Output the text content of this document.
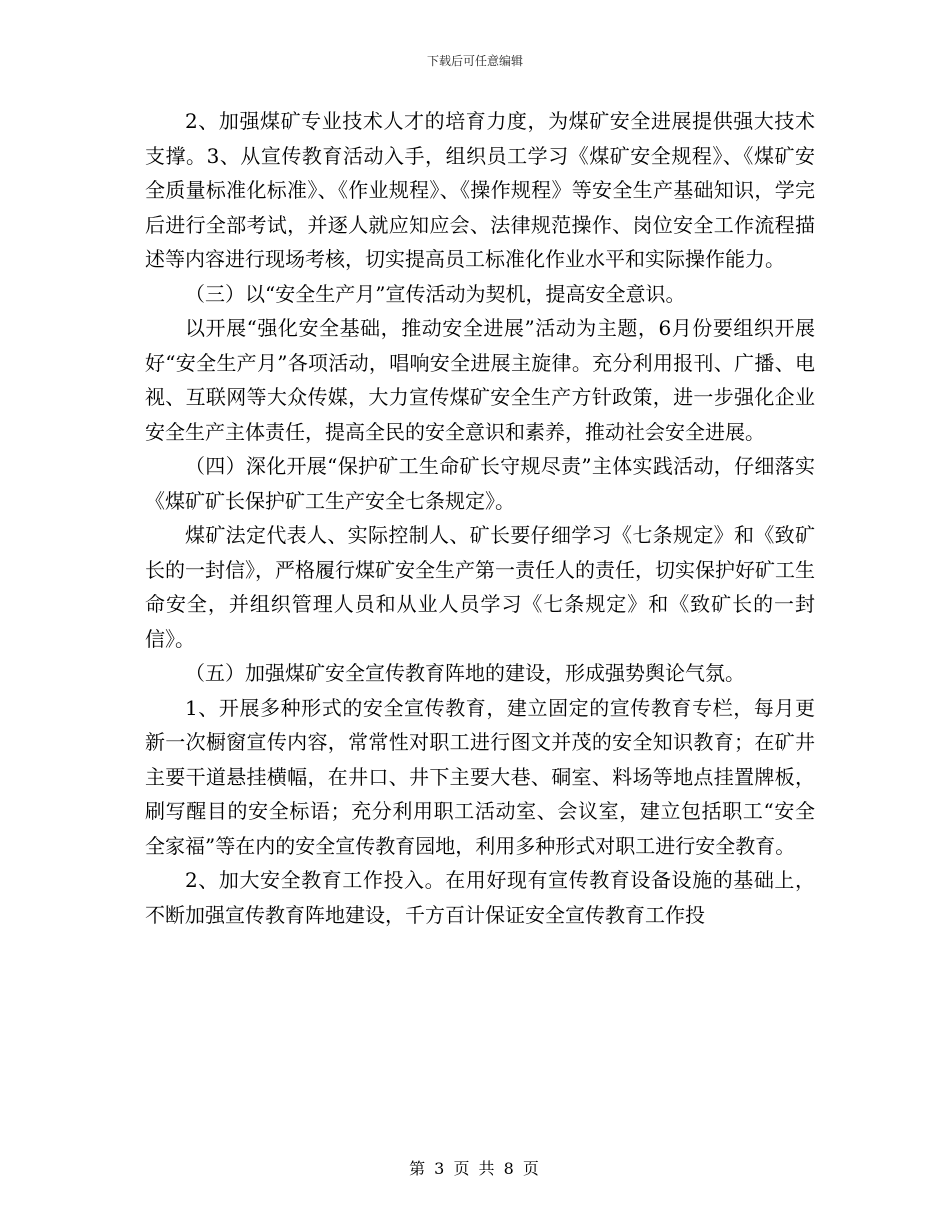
下载后可任意编辑

2、加强煤矿专业技术人才的培育力度，为煤矿安全进展提供强大技术支撑。3、从宣传教育活动入手，组织员工学习《煤矿安全规程》、《煤矿安全质量标准化标准》、《作业规程》、《操作规程》等安全生产基础知识，学完后进行全部考试，并逐人就应知应会、法律规范操作、岗位安全工作流程描述等内容进行现场考核，切实提高员工标准化作业水平和实际操作能力。

（三）以“安全生产月”宣传活动为契机，提高安全意识。

以开展“强化安全基础，推动安全进展”活动为主题，6月份要组织开展好“安全生产月”各项活动，唱响安全进展主旋律。充分利用报刊、广播、电视、互联网等大众传媒，大力宣传煤矿安全生产方针政策，进一步强化企业安全生产主体责任，提高全民的安全意识和素养，推动社会安全进展。

（四）深化开展“保护矿工生命矿长守规尽责”主体实践活动，仔细落实《煤矿矿长保护矿工生产安全七条规定》。

煤矿法定代表人、实际控制人、矿长要仔细学习《七条规定》和《致矿长的一封信》，严格履行煤矿安全生产第一责任人的责任，切实保护好矿工生命安全，并组织管理人员和从业人员学习《七条规定》和《致矿长的一封信》。

（五）加强煤矿安全宣传教育阵地的建设，形成强势舆论气氛。

1、开展多种形式的安全宣传教育，建立固定的宣传教育专栏，每月更新一次橱窗宣传内容，常常性对职工进行图文并茂的安全知识教育；在矿井主要干道悬挂横幅，在井口、井下主要大巷、硐室、料场等地点挂置牌板，刷写醒目的安全标语；充分利用职工活动室、会议室，建立包括职工“安全全家福”等在内的安全宣传教育园地，利用多种形式对职工进行安全教育。

2、加大安全教育工作投入。在用好现有宣传教育设备设施的基础上，不断加强宣传教育阵地建设，千方百计保证安全宣传教育工作投

第 3 页 共 8 页
